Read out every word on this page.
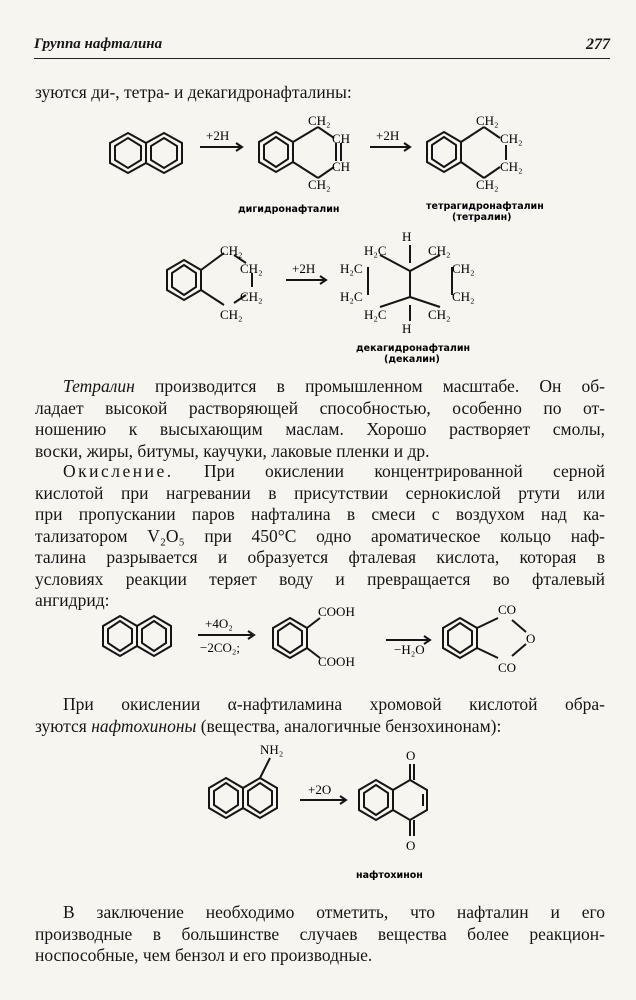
Группа нафталина	277

зуются ди-, тетра- и декагидронафталины:

+2H	+2H
+2H
CH₂
CH
CH
CH₂
CH₂
CH₂
CH₂
CH₂
дигидронафталин	тетрагидронафталин
(тетралин)
CH₂
CH₂
CH₂
CH₂
H
H₂C	CH₂
H₂C	CH₂
H₂C	CH₂
H₂C	CH₂
H
декагидронафталин
(декалин)

Тетралин производится в промышленном масштабе. Он об-
ладает высокой растворяющей способностью, особенно по от-
ношению к высыхающим маслам. Хорошо растворяет смолы,
воски, жиры, битумы, каучуки, лаковые пленки и др.

Окисление. При окислении концентрированной серной
кислотой при нагревании в присутствии сернокислой ртути или
при пропускании паров нафталина в смеси с воздухом над ка-
тализатором V₂O₅ при 450°C одно ароматическое кольцо наф-
талина разрывается и образуется фталевая кислота, которая в
условиях реакции теряет воду и превращается во фталевый
ангидрид:

+4O₂
−2CO₂;
COOH
COOH
−H₂O
CO
O
CO

При окислении α-нафтиламина хромовой кислотой обра-
зуются нафтохиноны (вещества, аналогичные бензохинонам):

NH₂
+2O
O
O
нафтохинон

В заключение необходимо отметить, что нафталин и его
производные в большинстве случаев вещества более реакцион-
носпособные, чем бензол и его производные.
